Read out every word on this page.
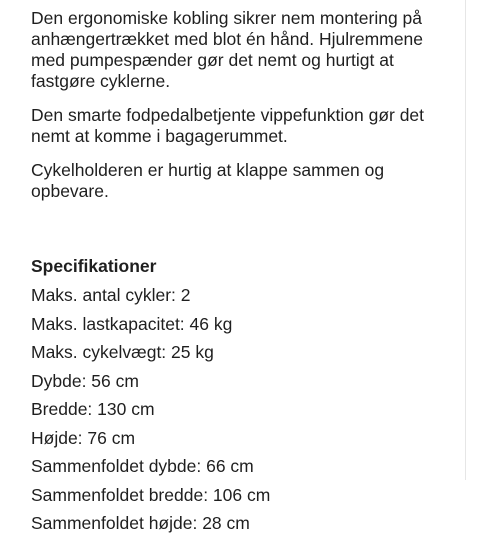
Den ergonomiske kobling sikrer nem montering på anhængertrækket med blot én hånd. Hjulremmene med pumpespænder gør det nemt og hurtigt at fastgøre cyklerne.

Den smarte fodpedalbetjente vippefunktion gør det nemt at komme i bagagerummet.

Cykelholderen er hurtig at klappe sammen og opbevare.

Specifikationer
Maks. antal cykler: 2
Maks. lastkapacitet: 46 kg
Maks. cykelvægt: 25 kg
Dybde: 56 cm
Bredde: 130 cm
Højde: 76 cm
Sammenfoldet dybde: 66 cm
Sammenfoldet bredde: 106 cm
Sammenfoldet højde: 28 cm
